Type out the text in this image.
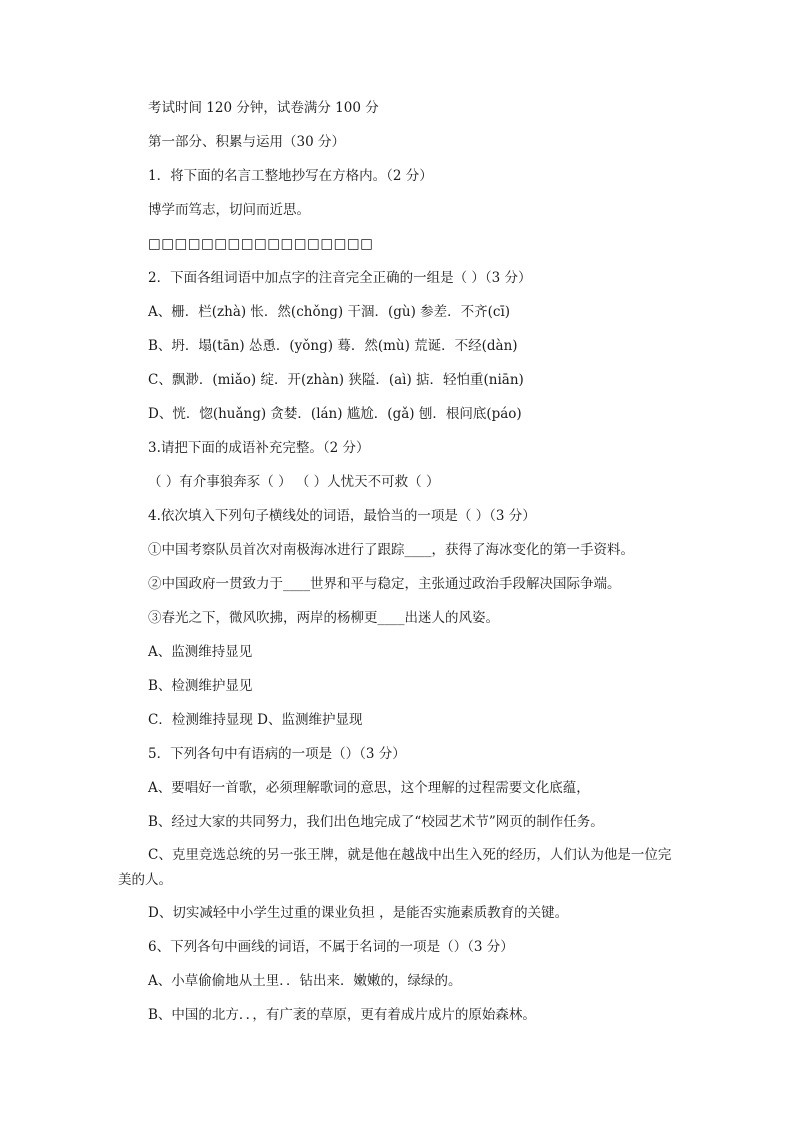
考试时间 120 分钟，试卷满分 100 分
第一部分、积累与运用（30 分）
1．将下面的名言工整地抄写在方格内。（2 分）
博学而笃志，切问而近思。
□□□□□□□□□□□□□□□□□
2．下面各组词语中加点字的注音完全正确的一组是（ ）（3 分）
A、栅．栏(zhà) 怅．然(chǒng) 干涸．(gù) 参差．不齐(cī)
B、坍．塌(tān) 怂恿．(yǒng) 蓦．然(mù) 荒诞．不经(dàn)
C、飘渺．(miǎo) 绽．开(zhàn) 狭隘．(aì) 掂．轻怕重(niān)
D、恍．惚(huǎng) 贪婪．(lán) 尴尬．(gǎ) 刨．根问底(páo)
3.请把下面的成语补充完整。（2 分）
（ ）有介事狼奔豕（ ） （ ）人忧天不可救（ ）
4.依次填入下列句子横线处的词语，最恰当的一项是（ ）（3 分）
①中国考察队员首次对南极海冰进行了跟踪____，获得了海冰变化的第一手资料。
②中国政府一贯致力于____世界和平与稳定，主张通过政治手段解决国际争端。
③春光之下，微风吹拂，两岸的杨柳更____出迷人的风姿。
A、监测维持显见
B、检测维护显见
C．检测维持显现 D、监测维护显现
5．下列各句中有语病的一项是（）（3 分）
A、要唱好一首歌，必须理解歌词的意思，这个理解的过程需要文化底蕴，
B、经过大家的共同努力，我们出色地完成了“校园艺术节”网页的制作任务。
C、克里竞选总统的另一张王牌，就是他在越战中出生入死的经历，人们认为他是一位完美的人。
D、切实减轻中小学生过重的课业负担 ，是能否实施素质教育的关键。
6、下列各句中画线的词语，不属于名词的一项是（）（3 分）
A、小草偷偷地从土里．．钻出来．嫩嫩的，绿绿的。
B、中国的北方．．，有广袤的草原，更有着成片成片的原始森林。
